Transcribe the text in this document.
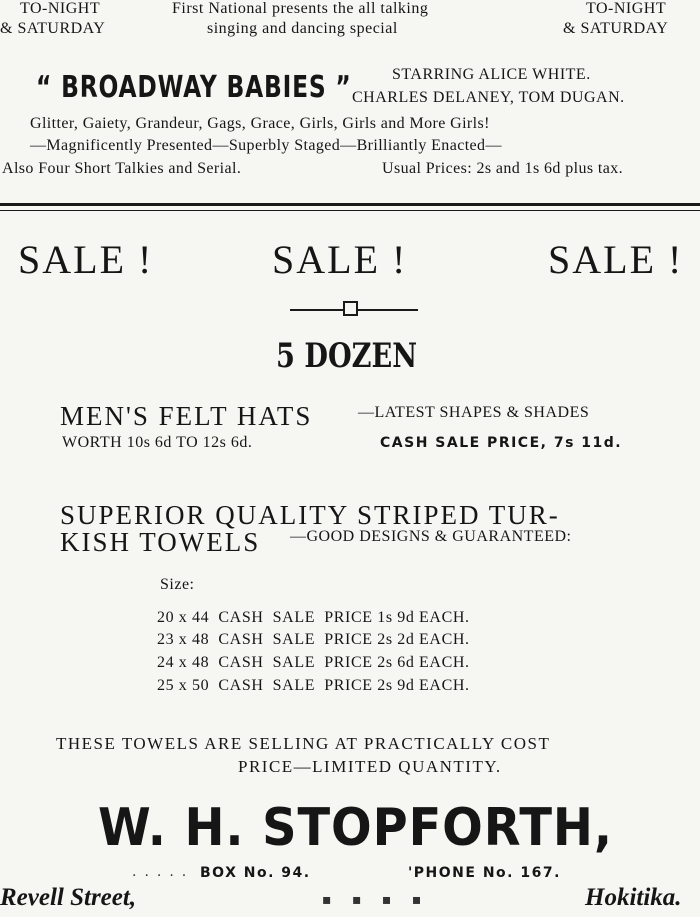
TO-NIGHT
& SATURDAY
First National presents the all talking
singing and dancing special
TO-NIGHT
& SATURDAY
“ BROADWAY BABIES ”	STARRING ALICE WHITE.
CHARLES DELANEY, TOM DUGAN.
Glitter, Gaiety, Grandeur, Gags, Grace, Girls, Girls and More Girls!
—Magnificently Presented—Superbly Staged—Brilliantly Enacted—
Also Four Short Talkies and Serial.	Usual Prices: 2s and 1s 6d plus tax.
SALE !	SALE !	SALE !
5 DOZEN
MEN'S FELT HATS	—LATEST SHAPES & SHADES
WORTH 10s 6d TO 12s 6d.	CASH SALE PRICE, 7s 11d.
SUPERIOR QUALITY STRIPED TUR-
KISH TOWELS —GOOD DESIGNS & GUARANTEED:
Size:
20 x 44 CASH  SALE  PRICE 1s 9d EACH.
23 x 48 CASH  SALE  PRICE 2s 2d EACH.
24 x 48 CASH  SALE  PRICE 2s 6d EACH.
25 x 50 CASH  SALE  PRICE 2s 9d EACH.
THESE TOWELS ARE SELLING AT PRACTICALLY COST
PRICE—LIMITED QUANTITY.
W. H. STOPFORTH,
..... BOX No. 94.	'PHONE No. 167.
Revell Street,	▪ ▪ ▪ ▪	Hokitika.
